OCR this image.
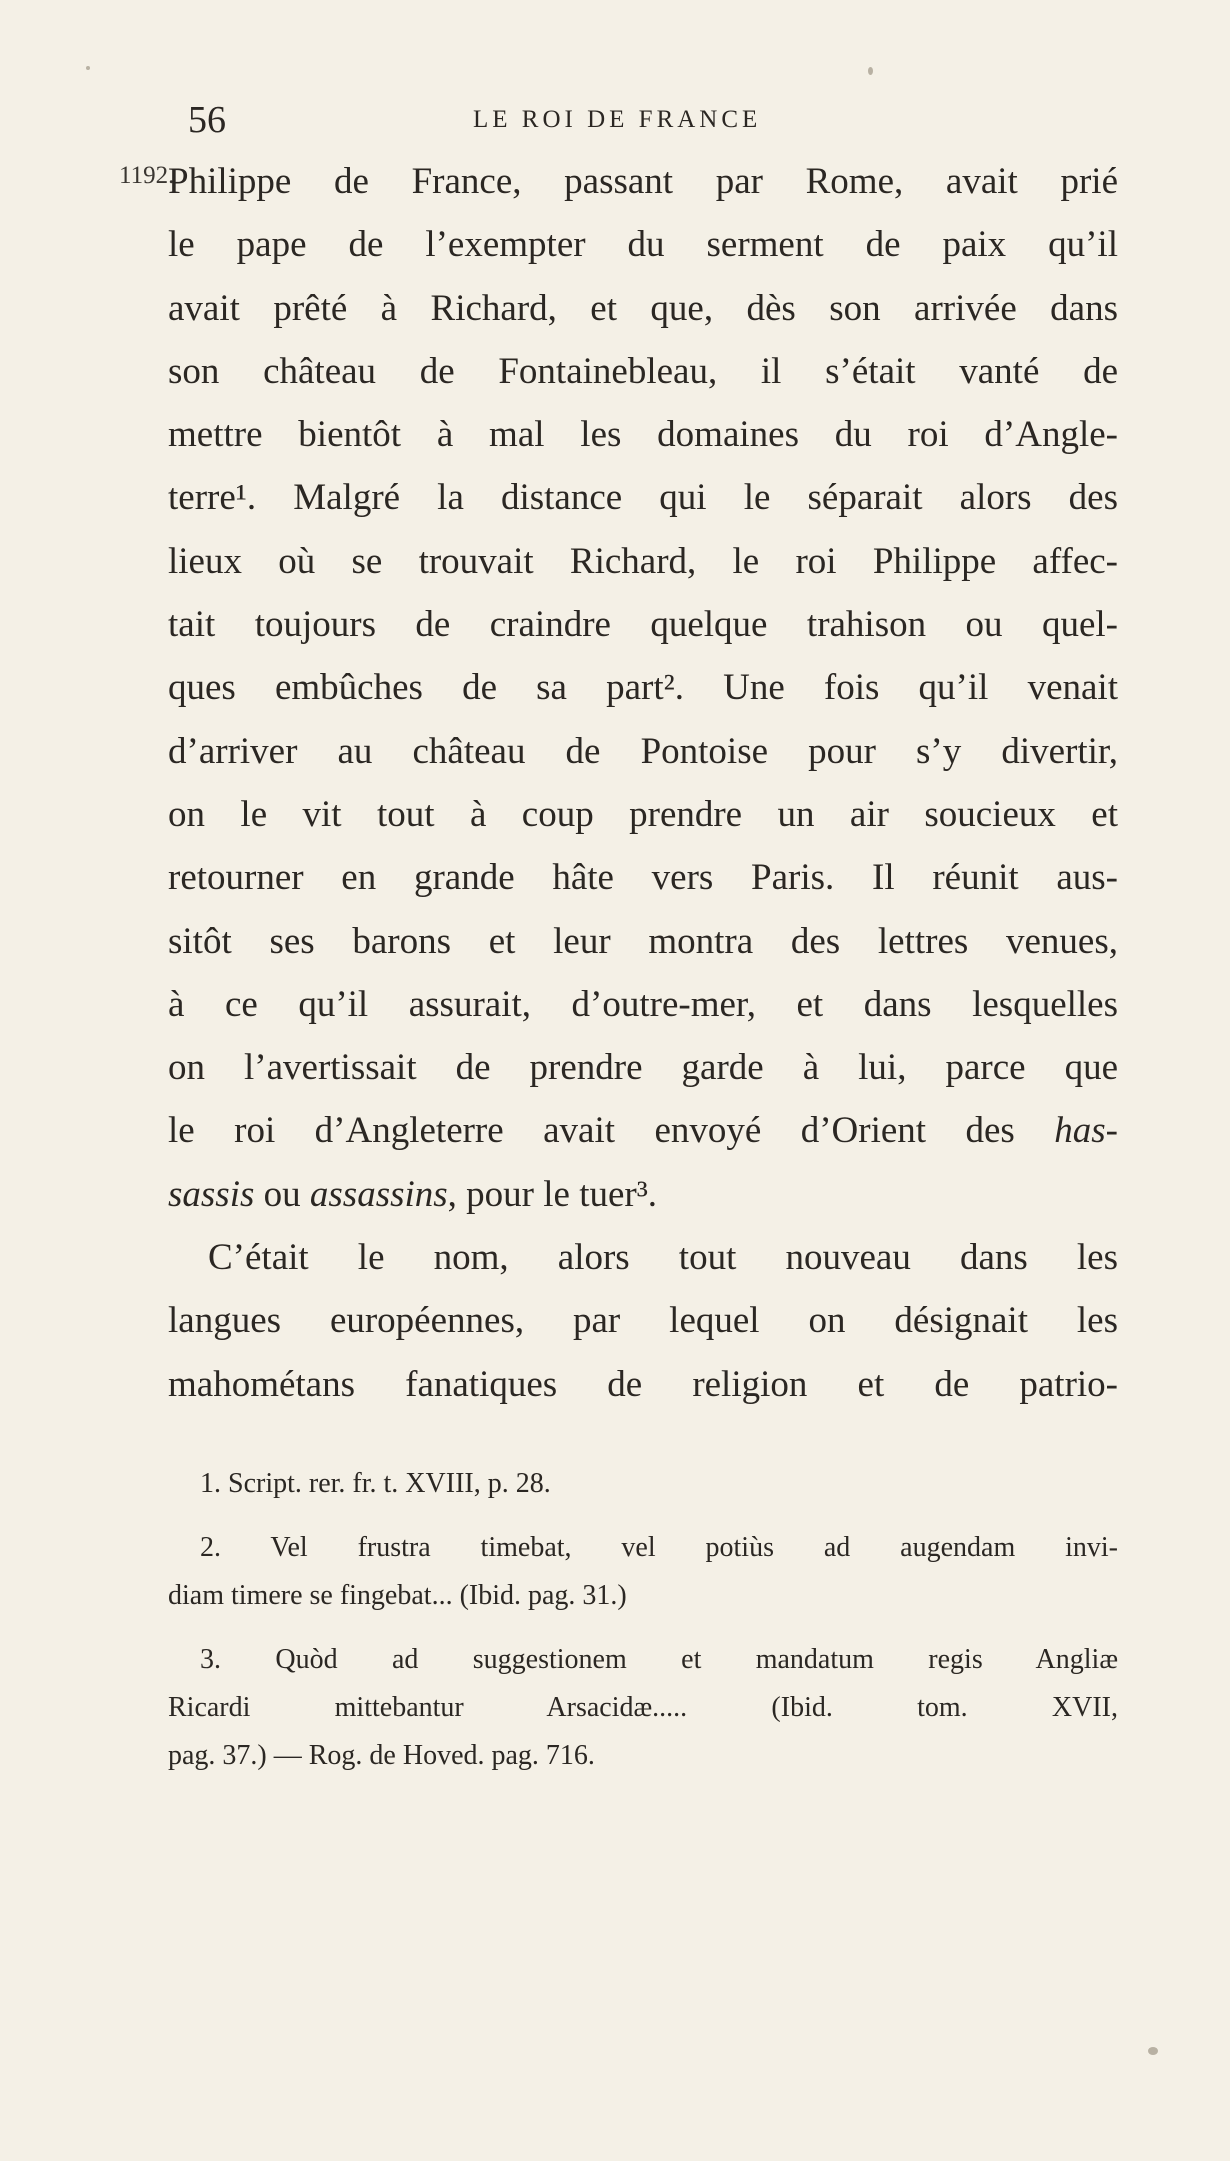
56	LE ROI DE FRANCE
1192.
Philippe de France, passant par Rome, avait prié
le pape de l’exempter du serment de paix qu’il
avait prêté à Richard, et que, dès son arrivée dans
son château de Fontainebleau, il s’était vanté de
mettre bientôt à mal les domaines du roi d’Angle-
terre¹. Malgré la distance qui le séparait alors des
lieux où se trouvait Richard, le roi Philippe affec-
tait toujours de craindre quelque trahison ou quel-
ques embûches de sa part². Une fois qu’il venait
d’arriver au château de Pontoise pour s’y divertir,
on le vit tout à coup prendre un air soucieux et
retourner en grande hâte vers Paris. Il réunit aus-
sitôt ses barons et leur montra des lettres venues,
à ce qu’il assurait, d’outre-mer, et dans lesquelles
on l’avertissait de prendre garde à lui, parce que
le roi d’Angleterre avait envoyé d’Orient des has-
sassis ou assassins, pour le tuer³.
C’était le nom, alors tout nouveau dans les
langues européennes, par lequel on désignait les
mahométans fanatiques de religion et de patrio-
1. Script. rer. fr. t. XVIII, p. 28.
2. Vel frustra timebat, vel potiùs ad augendam invi-
diam timere se fingebat... (Ibid. pag. 31.)
3. Quòd ad suggestionem et mandatum regis Angliæ
Ricardi mittebantur Arsacidæ..... (Ibid. tom. XVII,
pag. 37.) — Rog. de Hoved. pag. 716.
